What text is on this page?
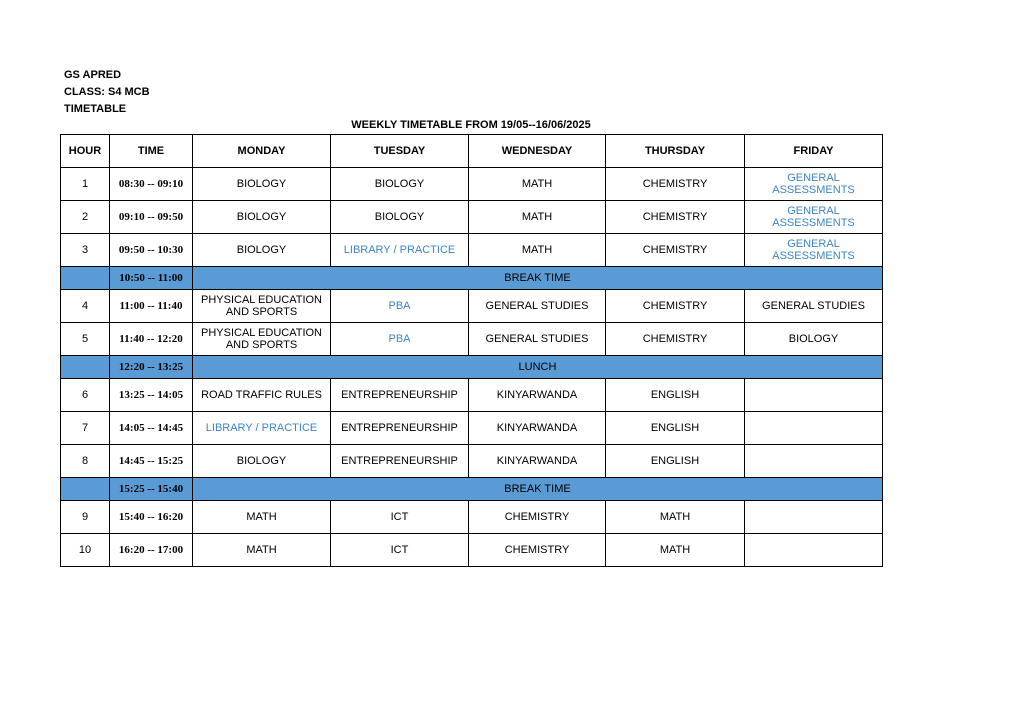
GS APRED
CLASS: S4 MCB
TIMETABLE
WEEKLY TIMETABLE FROM 19/05--16/06/2025
HOUR	TIME	MONDAY	TUESDAY	WEDNESDAY	THURSDAY	FRIDAY
1	08:30 -- 09:10	BIOLOGY	BIOLOGY	MATH	CHEMISTRY	GENERAL ASSESSMENTS
2	09:10 -- 09:50	BIOLOGY	BIOLOGY	MATH	CHEMISTRY	GENERAL ASSESSMENTS
3	09:50 -- 10:30	BIOLOGY	LIBRARY / PRACTICE	MATH	CHEMISTRY	GENERAL ASSESSMENTS
	10:50 -- 11:00	BREAK TIME				
4	11:00 -- 11:40	PHYSICAL EDUCATION AND SPORTS	PBA	GENERAL STUDIES	CHEMISTRY	GENERAL STUDIES
5	11:40 -- 12:20	PHYSICAL EDUCATION AND SPORTS	PBA	GENERAL STUDIES	CHEMISTRY	BIOLOGY
	12:20 -- 13:25	LUNCH				
6	13:25 -- 14:05	ROAD TRAFFIC RULES	ENTREPRENEURSHIP	KINYARWANDA	ENGLISH	
7	14:05 -- 14:45	LIBRARY / PRACTICE	ENTREPRENEURSHIP	KINYARWANDA	ENGLISH	
8	14:45 -- 15:25	BIOLOGY	ENTREPRENEURSHIP	KINYARWANDA	ENGLISH	
	15:25 -- 15:40	BREAK TIME				
9	15:40 -- 16:20	MATH	ICT	CHEMISTRY	MATH	
10	16:20 -- 17:00	MATH	ICT	CHEMISTRY	MATH	
